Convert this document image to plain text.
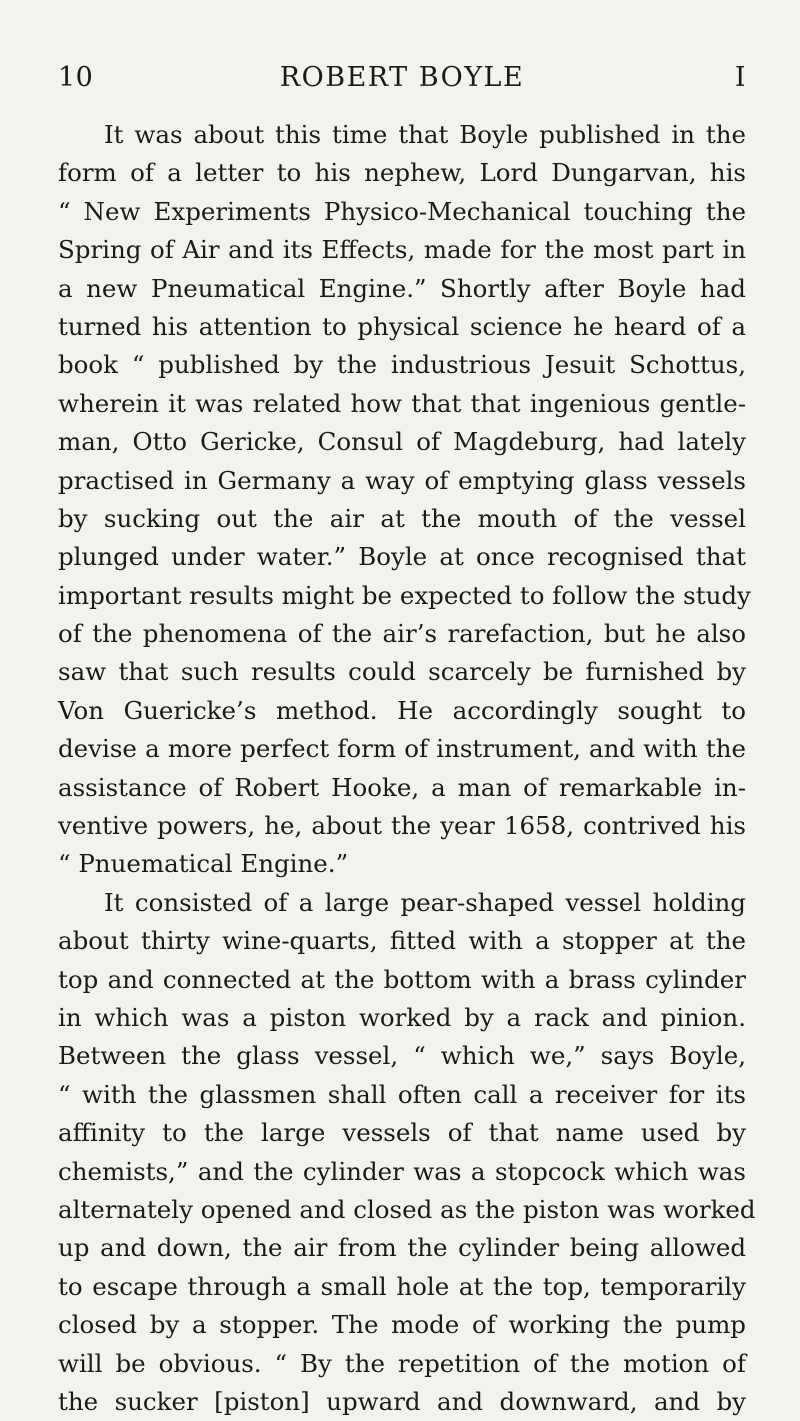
10	ROBERT BOYLE	I
It was about this time that Boyle published in the
form of a letter to his nephew, Lord Dungarvan, his
“ New Experiments Physico-Mechanical touching the
Spring of Air and its Effects, made for the most part in
a new Pneumatical Engine.” Shortly after Boyle had
turned his attention to physical science he heard of a
book “ published by the industrious Jesuit Schottus,
wherein it was related how that that ingenious gentle-
man, Otto Gericke, Consul of Magdeburg, had lately
practised in Germany a way of emptying glass vessels
by sucking out the air at the mouth of the vessel
plunged under water.” Boyle at once recognised that
important results might be expected to follow the study
of the phenomena of the air’s rarefaction, but he also
saw that such results could scarcely be furnished by
Von Guericke’s method. He accordingly sought to
devise a more perfect form of instrument, and with the
assistance of Robert Hooke, a man of remarkable in-
ventive powers, he, about the year 1658, contrived his
“ Pnuematical Engine.”
It consisted of a large pear-shaped vessel holding
about thirty wine-quarts, fitted with a stopper at the
top and connected at the bottom with a brass cylinder
in which was a piston worked by a rack and pinion.
Between the glass vessel, “ which we,” says Boyle,
“ with the glassmen shall often call a receiver for its
affinity to the large vessels of that name used by
chemists,” and the cylinder was a stopcock which was
alternately opened and closed as the piston was worked
up and down, the air from the cylinder being allowed
to escape through a small hole at the top, temporarily
closed by a stopper. The mode of working the pump
will be obvious. “ By the repetition of the motion of
the sucker [piston] upward and downward, and by
